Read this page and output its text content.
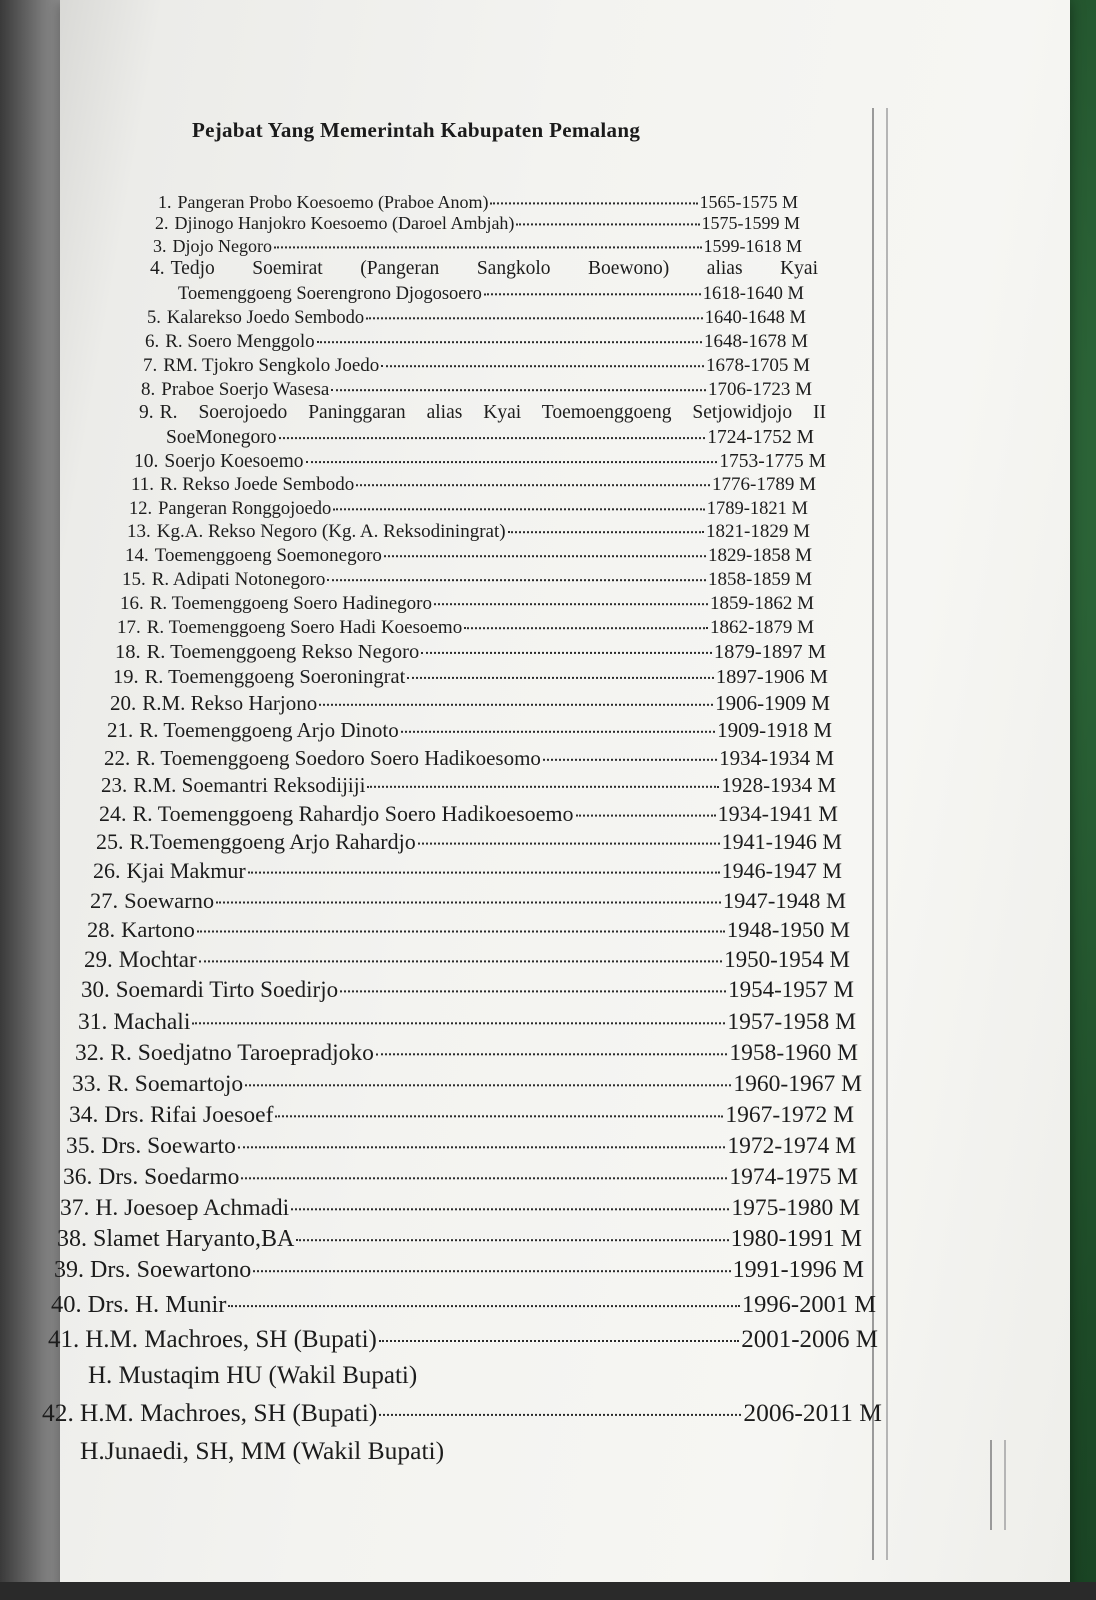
Pejabat Yang Memerintah Kabupaten Pemalang
1. Pangeran Probo Koesoemo (Praboe Anom)	1565-1575 M
2. Djinogo Hanjokro Koesoemo (Daroel Ambjah)	1575-1599 M
3. Djojo Negoro	1599-1618 M
4. Tedjo Soemirat (Pangeran Sangkolo Boewono) alias Kyai
Toemenggoeng Soerengrono Djogosoero	1618-1640 M
5. Kalarekso Joedo Sembodo	1640-1648 M
6. R. Soero Menggolo	1648-1678 M
7. RM. Tjokro Sengkolo Joedo	1678-1705 M
8. Praboe Soerjo Wasesa	1706-1723 M
9. R. Soerojoedo Paninggaran alias Kyai Toemoenggoeng Setjowidjojo II
SoeMonegoro	1724-1752 M
10. Soerjo Koesoemo	1753-1775 M
11. R. Rekso Joede Sembodo	1776-1789 M
12. Pangeran Ronggojoedo	1789-1821 M
13. Kg.A. Rekso Negoro (Kg. A. Reksodiningrat)	1821-1829 M
14. Toemenggoeng Soemonegoro	1829-1858 M
15. R. Adipati Notonegoro	1858-1859 M
16. R. Toemenggoeng Soero Hadinegoro	1859-1862 M
17. R. Toemenggoeng Soero Hadi Koesoemo	1862-1879 M
18. R. Toemenggoeng Rekso Negoro	1879-1897 M
19. R. Toemenggoeng Soeroningrat	1897-1906 M
20. R.M. Rekso Harjono	1906-1909 M
21. R. Toemenggoeng Arjo Dinoto	1909-1918 M
22. R. Toemenggoeng Soedoro Soero Hadikoesomo	1934-1934 M
23. R.M. Soemantri Reksodijiji	1928-1934 M
24. R. Toemenggoeng Rahardjo Soero Hadikoesoemo	1934-1941 M
25. R.Toemenggoeng Arjo Rahardjo	1941-1946 M
26. Kjai Makmur	1946-1947 M
27. Soewarno	1947-1948 M
28. Kartono	1948-1950 M
29. Mochtar	1950-1954 M
30. Soemardi Tirto Soedirjo	1954-1957 M
31. Machali	1957-1958 M
32. R. Soedjatno Taroepradjoko	1958-1960 M
33. R. Soemartojo	1960-1967 M
34. Drs. Rifai Joesoef	1967-1972 M
35. Drs. Soewarto	1972-1974 M
36. Drs. Soedarmo	1974-1975 M
37. H. Joesoep Achmadi	1975-1980 M
38. Slamet Haryanto,BA	1980-1991 M
39. Drs. Soewartono	1991-1996 M
40. Drs. H. Munir	1996-2001 M
41. H.M. Machroes, SH (Bupati)	2001-2006 M
H. Mustaqim HU (Wakil Bupati)
42. H.M. Machroes, SH (Bupati)	2006-2011 M
H.Junaedi, SH, MM (Wakil Bupati)
